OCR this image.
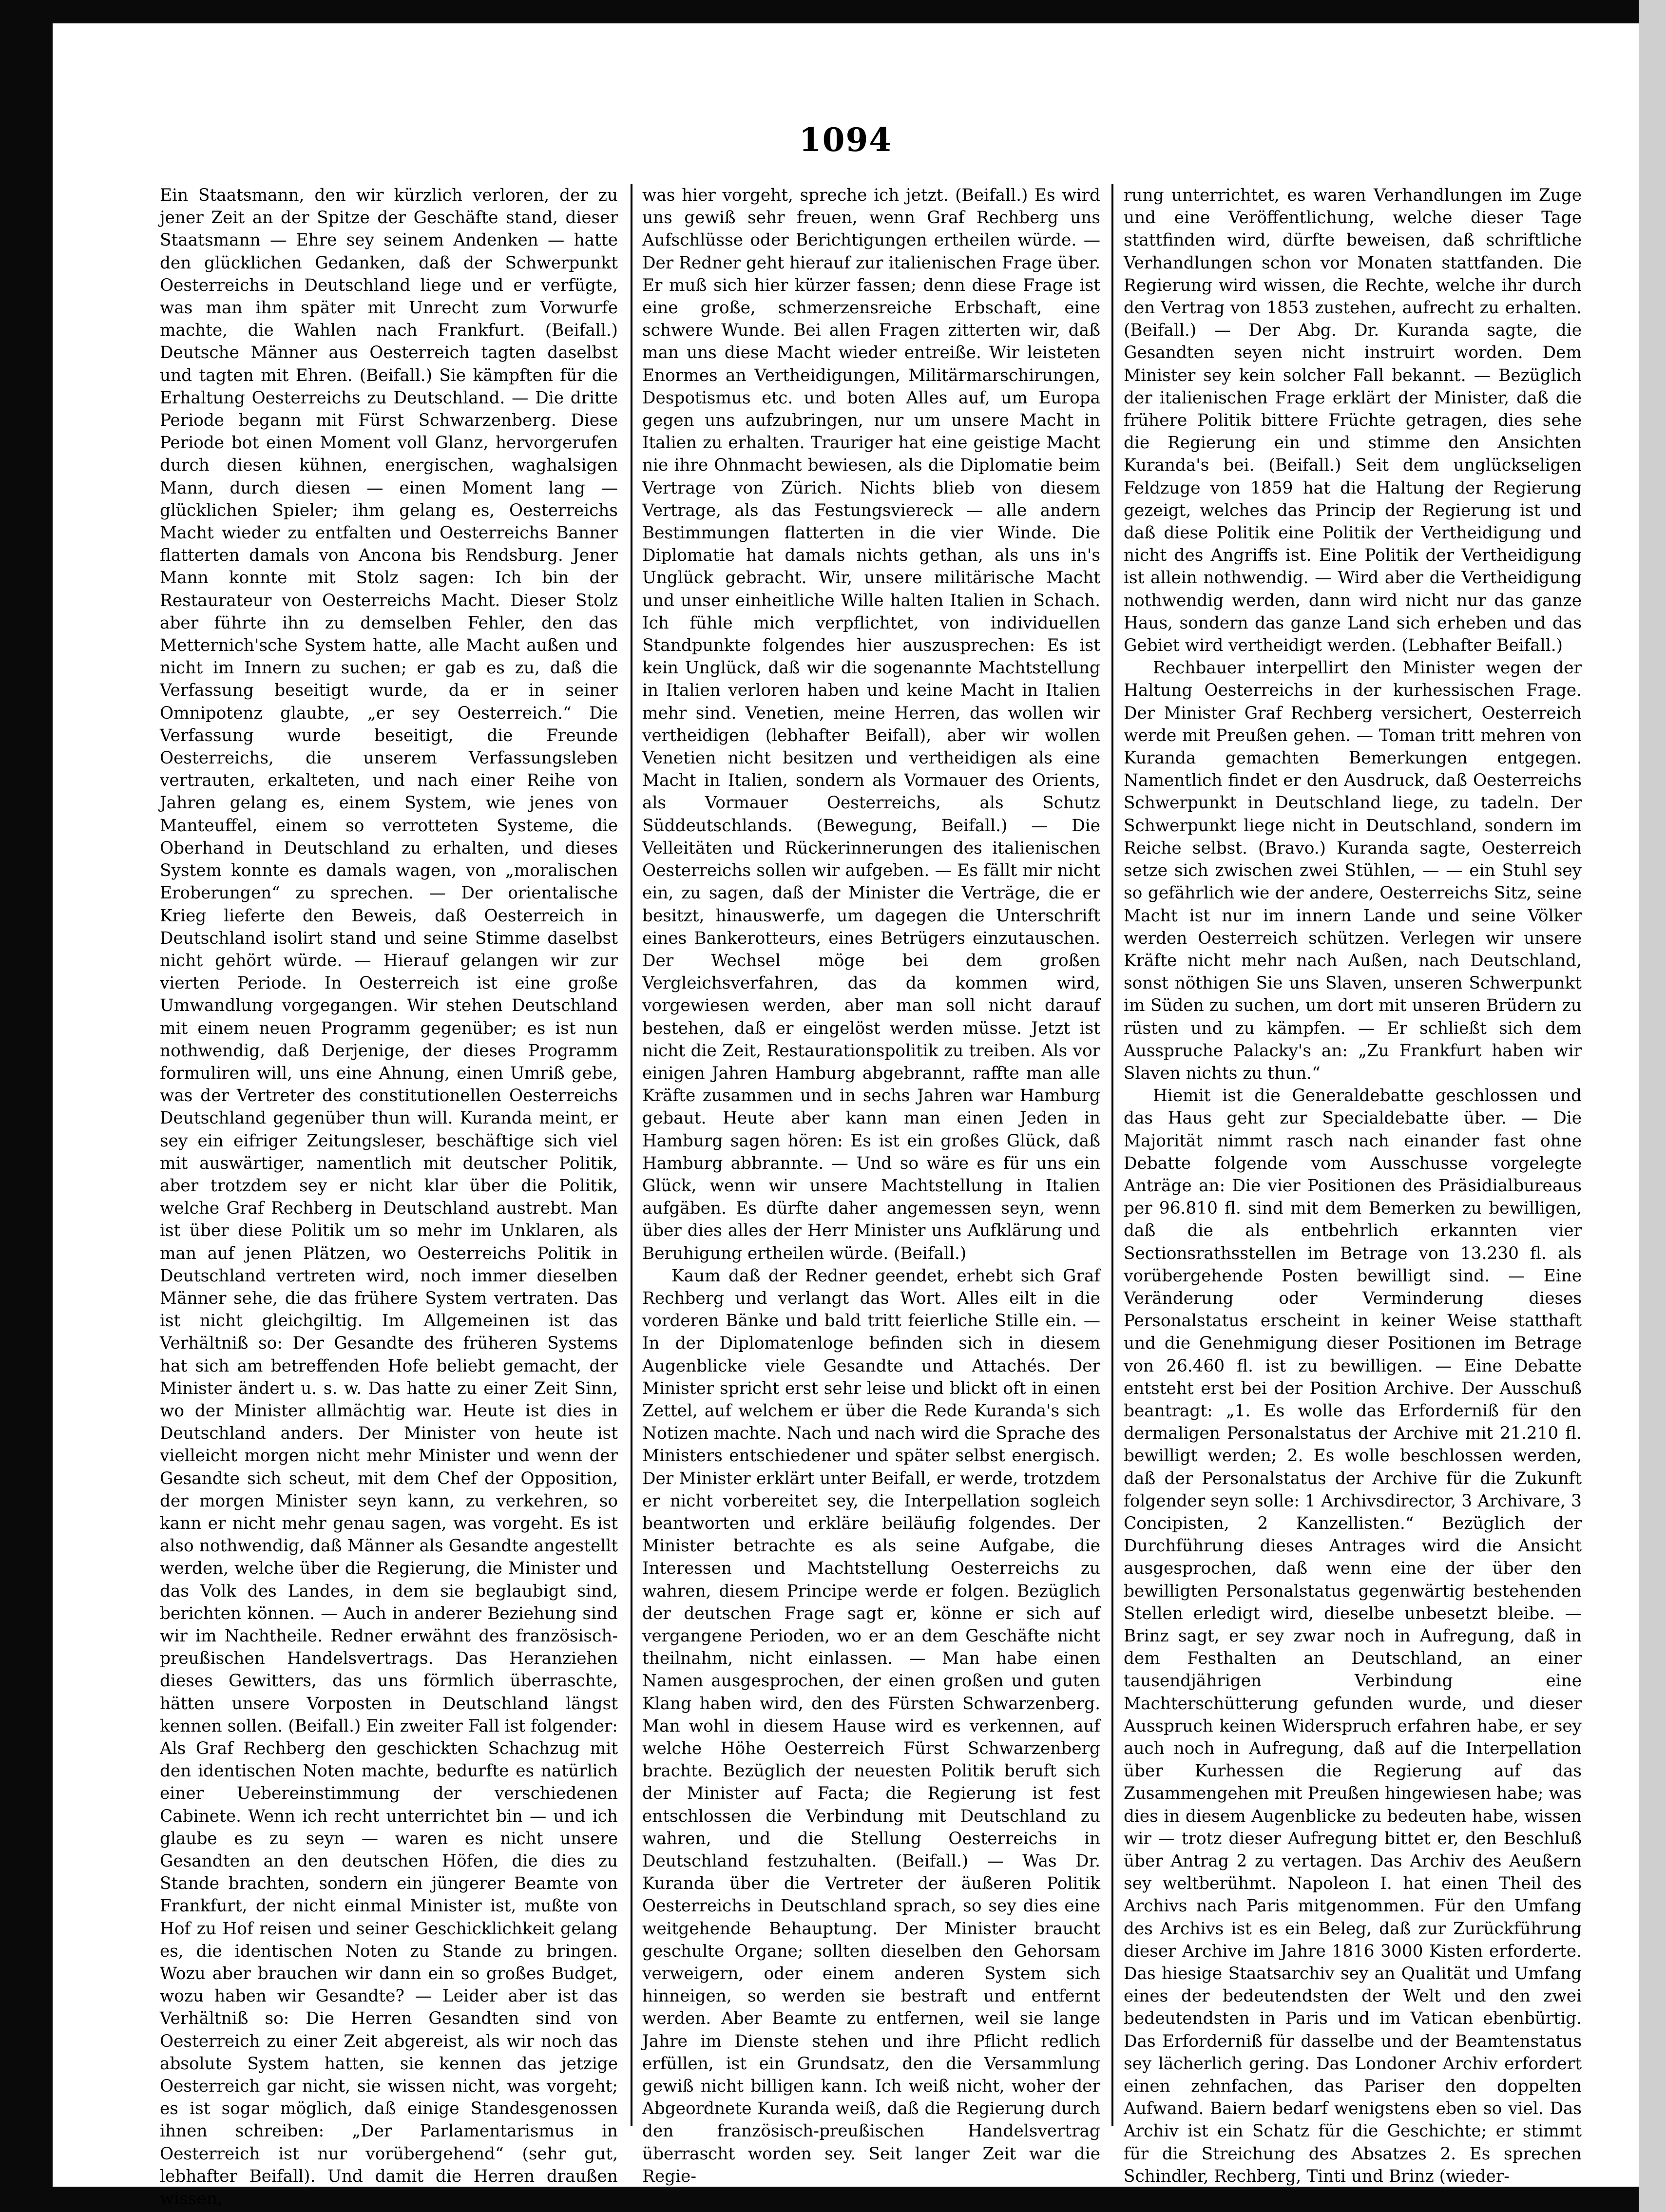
1094

Ein Staatsmann, den wir kürzlich verloren, der zu jener Zeit an der Spitze der Geschäfte stand, dieser Staatsmann — Ehre sey seinem Andenken — hatte den glücklichen Gedanken, daß der Schwerpunkt Oesterreichs in Deutschland liege und er verfügte, was man ihm später mit Unrecht zum Vorwurfe machte, die Wahlen nach Frankfurt. (Beifall.) Deutsche Männer aus Oesterreich tagten daselbst und tagten mit Ehren. (Beifall.) Sie kämpften für die Erhaltung Oesterreichs zu Deutschland. — Die dritte Periode begann mit Fürst Schwarzenberg. Diese Periode bot einen Moment voll Glanz, hervorgerufen durch diesen kühnen, energischen, waghalsigen Mann, durch diesen — einen Moment lang — glücklichen Spieler; ihm gelang es, Oesterreichs Macht wieder zu entfalten und Oesterreichs Banner flatterten damals von Ancona bis Rendsburg. Jener Mann konnte mit Stolz sagen: Ich bin der Restaurateur von Oesterreichs Macht. Dieser Stolz aber führte ihn zu demselben Fehler, den das Metternich'sche System hatte, alle Macht außen und nicht im Innern zu suchen; er gab es zu, daß die Verfassung beseitigt wurde, da er in seiner Omnipotenz glaubte, „er sey Oesterreich.“ Die Verfassung wurde beseitigt, die Freunde Oesterreichs, die unserem Verfassungsleben vertrauten, erkalteten, und nach einer Reihe von Jahren gelang es, einem System, wie jenes von Manteuffel, einem so verrotteten Systeme, die Oberhand in Deutschland zu erhalten, und dieses System konnte es damals wagen, von „moralischen Eroberungen“ zu sprechen. — Der orientalische Krieg lieferte den Beweis, daß Oesterreich in Deutschland isolirt stand und seine Stimme daselbst nicht gehört würde. — Hierauf gelangen wir zur vierten Periode. In Oesterreich ist eine große Umwandlung vorgegangen. Wir stehen Deutschland mit einem neuen Programm gegenüber; es ist nun nothwendig, daß Derjenige, der dieses Programm formuliren will, uns eine Ahnung, einen Umriß gebe, was der Vertreter des constitutionellen Oesterreichs Deutschland gegenüber thun will. Kuranda meint, er sey ein eifriger Zeitungsleser, beschäftige sich viel mit auswärtiger, namentlich mit deutscher Politik, aber trotzdem sey er nicht klar über die Politik, welche Graf Rechberg in Deutschland austrebt. Man ist über diese Politik um so mehr im Unklaren, als man auf jenen Plätzen, wo Oesterreichs Politik in Deutschland vertreten wird, noch immer dieselben Männer sehe, die das frühere System vertraten. Das ist nicht gleichgiltig. Im Allgemeinen ist das Verhältniß so: Der Gesandte des früheren Systems hat sich am betreffenden Hofe beliebt gemacht, der Minister ändert u. s. w. Das hatte zu einer Zeit Sinn, wo der Minister allmächtig war. Heute ist dies in Deutschland anders. Der Minister von heute ist vielleicht morgen nicht mehr Minister und wenn der Gesandte sich scheut, mit dem Chef der Opposition, der morgen Minister seyn kann, zu verkehren, so kann er nicht mehr genau sagen, was vorgeht. Es ist also nothwendig, daß Männer als Gesandte angestellt werden, welche über die Regierung, die Minister und das Volk des Landes, in dem sie beglaubigt sind, berichten können. — Auch in anderer Beziehung sind wir im Nachtheile. Redner erwähnt des französisch-preußischen Handelsvertrags. Das Heranziehen dieses Gewitters, das uns förmlich überraschte, hätten unsere Vorposten in Deutschland längst kennen sollen. (Beifall.) Ein zweiter Fall ist folgender: Als Graf Rechberg den geschickten Schachzug mit den identischen Noten machte, bedurfte es natürlich einer Uebereinstimmung der verschiedenen Cabinete. Wenn ich recht unterrichtet bin — und ich glaube es zu seyn — waren es nicht unsere Gesandten an den deutschen Höfen, die dies zu Stande brachten, sondern ein jüngerer Beamte von Frankfurt, der nicht einmal Minister ist, mußte von Hof zu Hof reisen und seiner Geschicklichkeit gelang es, die identischen Noten zu Stande zu bringen. Wozu aber brauchen wir dann ein so großes Budget, wozu haben wir Gesandte? — Leider aber ist das Verhältniß so: Die Herren Gesandten sind von Oesterreich zu einer Zeit abgereist, als wir noch das absolute System hatten, sie kennen das jetzige Oesterreich gar nicht, sie wissen nicht, was vorgeht; es ist sogar möglich, daß einige Standesgenossen ihnen schreiben: „Der Parlamentarismus in Oesterreich ist nur vorübergehend“ (sehr gut, lebhafter Beifall). Und damit die Herren draußen wissen,

was hier vorgeht, spreche ich jetzt. (Beifall.) Es wird uns gewiß sehr freuen, wenn Graf Rechberg uns Aufschlüsse oder Berichtigungen ertheilen würde. — Der Redner geht hierauf zur italienischen Frage über. Er muß sich hier kürzer fassen; denn diese Frage ist eine große, schmerzensreiche Erbschaft, eine schwere Wunde. Bei allen Fragen zitterten wir, daß man uns diese Macht wieder entreiße. Wir leisteten Enormes an Vertheidigungen, Militärmarschirungen, Despotismus etc. und boten Alles auf, um Europa gegen uns aufzubringen, nur um unsere Macht in Italien zu erhalten. Trauriger hat eine geistige Macht nie ihre Ohnmacht bewiesen, als die Diplomatie beim Vertrage von Zürich. Nichts blieb von diesem Vertrage, als das Festungsviereck — alle andern Bestimmungen flatterten in die vier Winde. Die Diplomatie hat damals nichts gethan, als uns in's Unglück gebracht. Wir, unsere militärische Macht und unser einheitliche Wille halten Italien in Schach. Ich fühle mich verpflichtet, von individuellen Standpunkte folgendes hier auszusprechen: Es ist kein Unglück, daß wir die sogenannte Machtstellung in Italien verloren haben und keine Macht in Italien mehr sind. Venetien, meine Herren, das wollen wir vertheidigen (lebhafter Beifall), aber wir wollen Venetien nicht besitzen und vertheidigen als eine Macht in Italien, sondern als Vormauer des Orients, als Vormauer Oesterreichs, als Schutz Süddeutschlands. (Bewegung, Beifall.) — Die Velleitäten und Rückerinnerungen des italienischen Oesterreichs sollen wir aufgeben. — Es fällt mir nicht ein, zu sagen, daß der Minister die Verträge, die er besitzt, hinauswerfe, um dagegen die Unterschrift eines Bankerotteurs, eines Betrügers einzutauschen. Der Wechsel möge bei dem großen Vergleichsverfahren, das da kommen wird, vorgewiesen werden, aber man soll nicht darauf bestehen, daß er eingelöst werden müsse. Jetzt ist nicht die Zeit, Restaurationspolitik zu treiben. Als vor einigen Jahren Hamburg abgebrannt, raffte man alle Kräfte zusammen und in sechs Jahren war Hamburg gebaut. Heute aber kann man einen Jeden in Hamburg sagen hören: Es ist ein großes Glück, daß Hamburg abbrannte. — Und so wäre es für uns ein Glück, wenn wir unsere Machtstellung in Italien aufgäben. Es dürfte daher angemessen seyn, wenn über dies alles der Herr Minister uns Aufklärung und Beruhigung ertheilen würde. (Beifall.)

Kaum daß der Redner geendet, erhebt sich Graf Rechberg und verlangt das Wort. Alles eilt in die vorderen Bänke und bald tritt feierliche Stille ein. — In der Diplomatenloge befinden sich in diesem Augenblicke viele Gesandte und Attachés. Der Minister spricht erst sehr leise und blickt oft in einen Zettel, auf welchem er über die Rede Kuranda's sich Notizen machte. Nach und nach wird die Sprache des Ministers entschiedener und später selbst energisch. Der Minister erklärt unter Beifall, er werde, trotzdem er nicht vorbereitet sey, die Interpellation sogleich beantworten und erkläre beiläufig folgendes. Der Minister betrachte es als seine Aufgabe, die Interessen und Machtstellung Oesterreichs zu wahren, diesem Principe werde er folgen. Bezüglich der deutschen Frage sagt er, könne er sich auf vergangene Perioden, wo er an dem Geschäfte nicht theilnahm, nicht einlassen. — Man habe einen Namen ausgesprochen, der einen großen und guten Klang haben wird, den des Fürsten Schwarzenberg. Man wohl in diesem Hause wird es verkennen, auf welche Höhe Oesterreich Fürst Schwarzenberg brachte. Bezüglich der neuesten Politik beruft sich der Minister auf Facta; die Regierung ist fest entschlossen die Verbindung mit Deutschland zu wahren, und die Stellung Oesterreichs in Deutschland festzuhalten. (Beifall.) — Was Dr. Kuranda über die Vertreter der äußeren Politik Oesterreichs in Deutschland sprach, so sey dies eine weitgehende Behauptung. Der Minister braucht geschulte Organe; sollten dieselben den Gehorsam verweigern, oder einem anderen System sich hinneigen, so werden sie bestraft und entfernt werden. Aber Beamte zu entfernen, weil sie lange Jahre im Dienste stehen und ihre Pflicht redlich erfüllen, ist ein Grundsatz, den die Versammlung gewiß nicht billigen kann. Ich weiß nicht, woher der Abgeordnete Kuranda weiß, daß die Regierung durch den französisch-preußischen Handelsvertrag überrascht worden sey. Seit langer Zeit war die Regie-

rung unterrichtet, es waren Verhandlungen im Zuge und eine Veröffentlichung, welche dieser Tage stattfinden wird, dürfte beweisen, daß schriftliche Verhandlungen schon vor Monaten stattfanden. Die Regierung wird wissen, die Rechte, welche ihr durch den Vertrag von 1853 zustehen, aufrecht zu erhalten. (Beifall.) — Der Abg. Dr. Kuranda sagte, die Gesandten seyen nicht instruirt worden. Dem Minister sey kein solcher Fall bekannt. — Bezüglich der italienischen Frage erklärt der Minister, daß die frühere Politik bittere Früchte getragen, dies sehe die Regierung ein und stimme den Ansichten Kuranda's bei. (Beifall.) Seit dem unglückseligen Feldzuge von 1859 hat die Haltung der Regierung gezeigt, welches das Princip der Regierung ist und daß diese Politik eine Politik der Vertheidigung und nicht des Angriffs ist. Eine Politik der Vertheidigung ist allein nothwendig. — Wird aber die Vertheidigung nothwendig werden, dann wird nicht nur das ganze Haus, sondern das ganze Land sich erheben und das Gebiet wird vertheidigt werden. (Lebhafter Beifall.)

Rechbauer interpellirt den Minister wegen der Haltung Oesterreichs in der kurhessischen Frage. Der Minister Graf Rechberg versichert, Oesterreich werde mit Preußen gehen. — Toman tritt mehren von Kuranda gemachten Bemerkungen entgegen. Namentlich findet er den Ausdruck, daß Oesterreichs Schwerpunkt in Deutschland liege, zu tadeln. Der Schwerpunkt liege nicht in Deutschland, sondern im Reiche selbst. (Bravo.) Kuranda sagte, Oesterreich setze sich zwischen zwei Stühlen, — — ein Stuhl sey so gefährlich wie der andere, Oesterreichs Sitz, seine Macht ist nur im innern Lande und seine Völker werden Oesterreich schützen. Verlegen wir unsere Kräfte nicht mehr nach Außen, nach Deutschland, sonst nöthigen Sie uns Slaven, unseren Schwerpunkt im Süden zu suchen, um dort mit unseren Brüdern zu rüsten und zu kämpfen. — Er schließt sich dem Ausspruche Palacky's an: „Zu Frankfurt haben wir Slaven nichts zu thun.“

Hiemit ist die Generaldebatte geschlossen und das Haus geht zur Specialdebatte über. — Die Majorität nimmt rasch nach einander fast ohne Debatte folgende vom Ausschusse vorgelegte Anträge an: Die vier Positionen des Präsidialbureaus per 96.810 fl. sind mit dem Bemerken zu bewilligen, daß die als entbehrlich erkannten vier Sectionsrathsstellen im Betrage von 13.230 fl. als vorübergehende Posten bewilligt sind. — Eine Veränderung oder Verminderung dieses Personalstatus erscheint in keiner Weise statthaft und die Genehmigung dieser Positionen im Betrage von 26.460 fl. ist zu bewilligen. — Eine Debatte entsteht erst bei der Position Archive. Der Ausschuß beantragt: „1. Es wolle das Erforderniß für den dermaligen Personalstatus der Archive mit 21.210 fl. bewilligt werden; 2. Es wolle beschlossen werden, daß der Personalstatus der Archive für die Zukunft folgender seyn solle: 1 Archivsdirector, 3 Archivare, 3 Concipisten, 2 Kanzellisten.“ Bezüglich der Durchführung dieses Antrages wird die Ansicht ausgesprochen, daß wenn eine der über den bewilligten Personalstatus gegenwärtig bestehenden Stellen erledigt wird, dieselbe unbesetzt bleibe. — Brinz sagt, er sey zwar noch in Aufregung, daß in dem Festhalten an Deutschland, an einer tausendjährigen Verbindung eine Machterschütterung gefunden wurde, und dieser Ausspruch keinen Widerspruch erfahren habe, er sey auch noch in Aufregung, daß auf die Interpellation über Kurhessen die Regierung auf das Zusammengehen mit Preußen hingewiesen habe; was dies in diesem Augenblicke zu bedeuten habe, wissen wir — trotz dieser Aufregung bittet er, den Beschluß über Antrag 2 zu vertagen. Das Archiv des Aeußern sey weltberühmt. Napoleon I. hat einen Theil des Archivs nach Paris mitgenommen. Für den Umfang des Archivs ist es ein Beleg, daß zur Zurückführung dieser Archive im Jahre 1816 3000 Kisten erforderte. Das hiesige Staatsarchiv sey an Qualität und Umfang eines der bedeutendsten der Welt und den zwei bedeutendsten in Paris und im Vatican ebenbürtig. Das Erforderniß für dasselbe und der Beamtenstatus sey lächerlich gering. Das Londoner Archiv erfordert einen zehnfachen, das Pariser den doppelten Aufwand. Baiern bedarf wenigstens eben so viel. Das Archiv ist ein Schatz für die Geschichte; er stimmt für die Streichung des Absatzes 2. Es sprechen Schindler, Rechberg, Tinti und Brinz (wieder-
